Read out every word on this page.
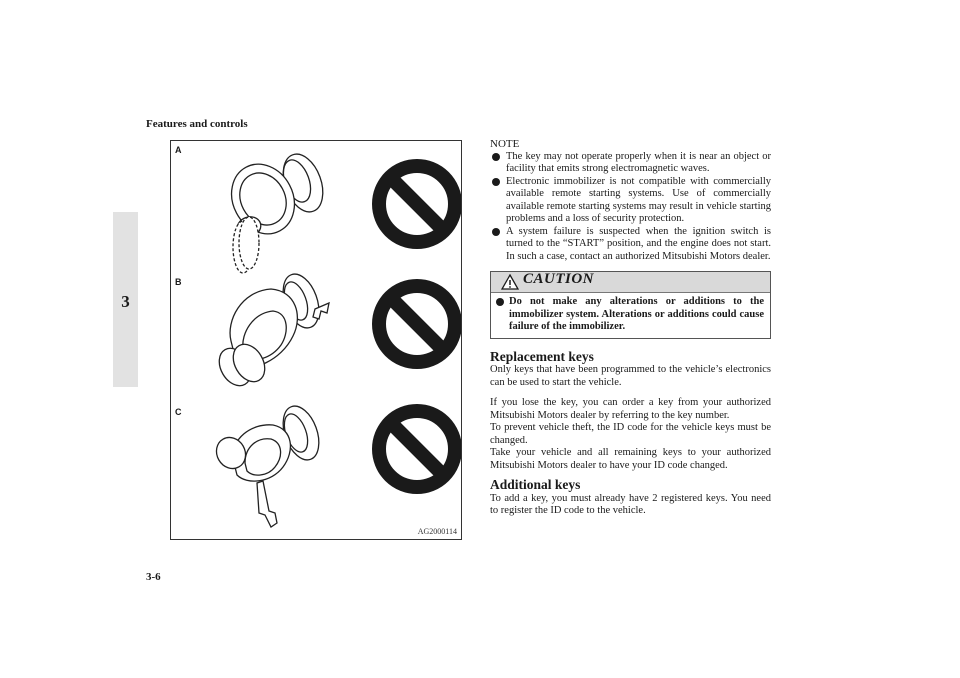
Features and controls
3-6
3
A
B
C
AG2000114
NOTE
The key may not operate properly when it is near an object or facility that emits strong electromagnetic waves.
Electronic immobilizer is not compatible with commercially available remote starting systems. Use of commercially available remote starting systems may result in vehicle starting problems and a loss of security protection.
A system failure is suspected when the ignition switch is turned to the “START” position, and the engine does not start. In such a case, contact an authorized Mitsubishi Motors dealer.
CAUTION
Do not make any alterations or additions to the immobilizer system. Alterations or additions could cause failure of the immobilizer.
Replacement keys

Only keys that have been programmed to the vehicle’s electronics can be used to start the vehicle.

If you lose the key, you can order a key from your authorized Mitsubishi Motors dealer by referring to the key number.

To prevent vehicle theft, the ID code for the vehicle keys must be changed.

Take your vehicle and all remaining keys to your authorized Mitsubishi Motors dealer to have your ID code changed.

Additional keys

To add a key, you must already have 2 registered keys. You need to register the ID code to the vehicle.
